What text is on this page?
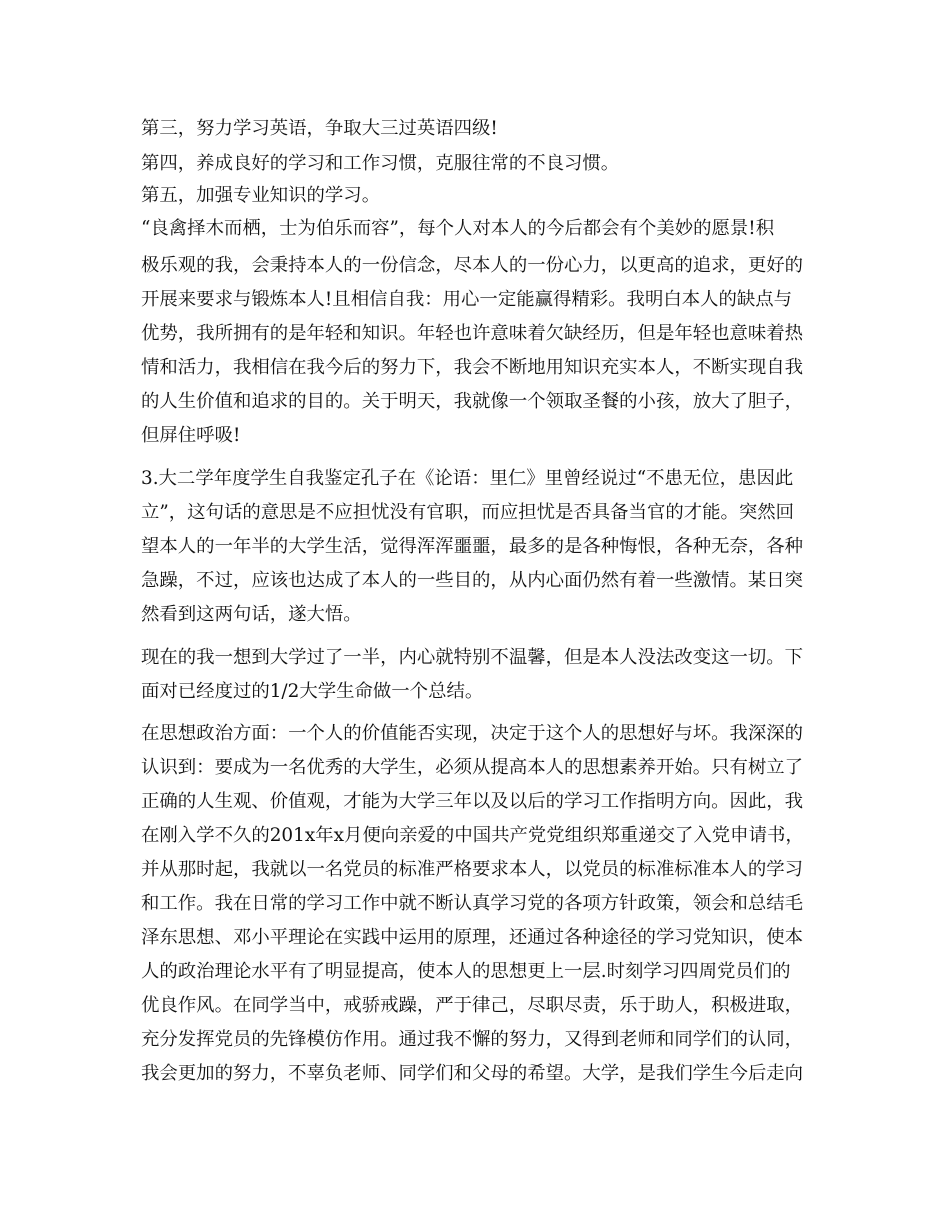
第三，努力学习英语，争取大三过英语四级!
第四，养成良好的学习和工作习惯，克服往常的不良习惯。
第五，加强专业知识的学习。
“良禽择木而栖，士为伯乐而容”，每个人对本人的今后都会有个美妙的愿景!积
极乐观的我，会秉持本人的一份信念，尽本人的一份心力，以更高的追求，更好的
开展来要求与锻炼本人!且相信自我：用心一定能赢得精彩。我明白本人的缺点与
优势，我所拥有的是年轻和知识。年轻也许意味着欠缺经历，但是年轻也意味着热
情和活力，我相信在我今后的努力下，我会不断地用知识充实本人，不断实现自我
的人生价值和追求的目的。关于明天，我就像一个领取圣餐的小孩，放大了胆子，
但屏住呼吸!
3.大二学年度学生自我鉴定孔子在《论语：里仁》里曾经说过“不患无位，患因此
立”，这句话的意思是不应担忧没有官职，而应担忧是否具备当官的才能。突然回
望本人的一年半的大学生活，觉得浑浑噩噩，最多的是各种悔恨，各种无奈，各种
急躁，不过，应该也达成了本人的一些目的，从内心面仍然有着一些激情。某日突
然看到这两句话，遂大悟。
现在的我一想到大学过了一半，内心就特别不温馨，但是本人没法改变这一切。下
面对已经度过的1/2大学生命做一个总结。
在思想政治方面：一个人的价值能否实现，决定于这个人的思想好与坏。我深深的
认识到：要成为一名优秀的大学生，必须从提高本人的思想素养开始。只有树立了
正确的人生观、价值观，才能为大学三年以及以后的学习工作指明方向。因此，我
在刚入学不久的201x年x月便向亲爱的中国共产党党组织郑重递交了入党申请书，
并从那时起，我就以一名党员的标准严格要求本人，以党员的标准标准本人的学习
和工作。我在日常的学习工作中就不断认真学习党的各项方针政策，领会和总结毛
泽东思想、邓小平理论在实践中运用的原理，还通过各种途径的学习党知识，使本
人的政治理论水平有了明显提高，使本人的思想更上一层.时刻学习四周党员们的
优良作风。在同学当中，戒骄戒躁，严于律己，尽职尽责，乐于助人，积极进取，
充分发挥党员的先锋模仿作用。通过我不懈的努力，又得到老师和同学们的认同，
我会更加的努力，不辜负老师、同学们和父母的希望。大学，是我们学生今后走向
